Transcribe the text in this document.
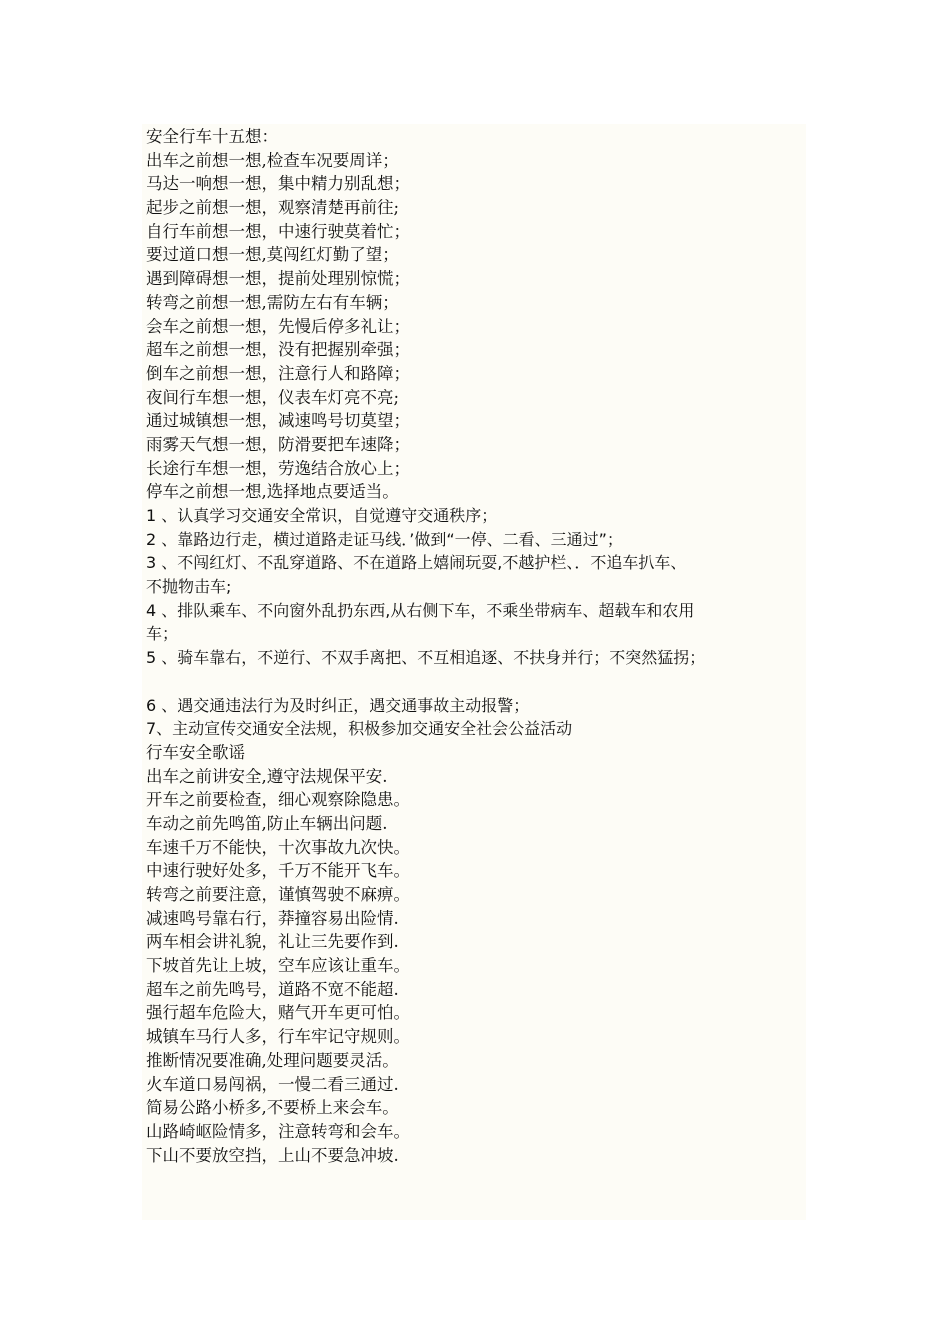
安全行车十五想：
出车之前想一想,检查车况要周详；
马达一响想一想，集中精力别乱想；
起步之前想一想，观察清楚再前往;
自行车前想一想，中速行驶莫着忙；
要过道口想一想,莫闯红灯勤了望；
遇到障碍想一想，提前处理别惊慌；
转弯之前想一想,需防左右有车辆；
会车之前想一想，先慢后停多礼让；
超车之前想一想，没有把握别牵强；
倒车之前想一想，注意行人和路障；
夜间行车想一想，仪表车灯亮不亮;
通过城镇想一想，减速鸣号切莫望；
雨雾天气想一想，防滑要把车速降；
长途行车想一想，劳逸结合放心上；
停车之前想一想,选择地点要适当。
1 、认真学习交通安全常识，自觉遵守交通秩序；
2 、靠路边行走，横过道路走证马线．’做到“一停、二看、三通过”；
3 、不闯红灯、不乱穿道路、不在道路上嬉闹玩耍,不越护栏、．不追车扒车、
不抛物击车;
4 、排队乘车、不向窗外乱扔东西,从右侧下车，不乘坐带病车、超载车和农用
车；
5 、骑车靠右，不逆行、不双手离把、不互相追逐、不扶身并行；不突然猛拐；
6 、遇交通违法行为及时纠正，遇交通事故主动报警；
7、主动宣传交通安全法规，积极参加交通安全社会公益活动
行车安全歌谣
出车之前讲安全,遵守法规保平安.
开车之前要检查，细心观察除隐患。
车动之前先鸣笛,防止车辆出问题.
车速千万不能快，十次事故九次快。
中速行驶好处多，千万不能开飞车。
转弯之前要注意，谨慎驾驶不麻痹。
减速鸣号靠右行，莽撞容易出险情.
两车相会讲礼貌，礼让三先要作到.
下坡首先让上坡，空车应该让重车。
超车之前先鸣号，道路不宽不能超.
强行超车危险大，赌气开车更可怕。
城镇车马行人多，行车牢记守规则。
推断情况要准确,处理问题要灵活。
火车道口易闯祸，一慢二看三通过.
简易公路小桥多,不要桥上来会车。
山路崎岖险情多，注意转弯和会车。
下山不要放空挡，上山不要急冲坡.
